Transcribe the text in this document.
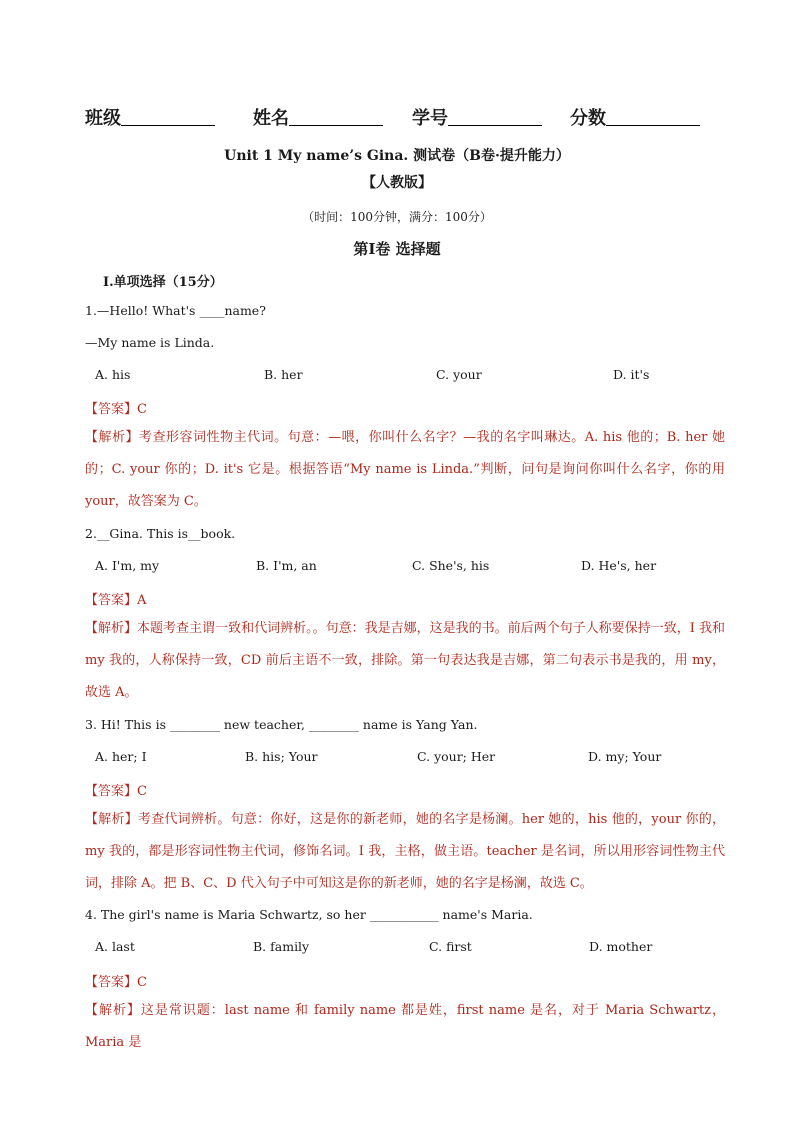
班级	姓名	学号	分数
Unit 1 My name’s Gina. 测试卷（B卷·提升能力）
【人教版】
（时间：100分钟，满分：100分）
第Ⅰ卷 选择题
Ⅰ.单项选择（15分）
1.—Hello! What's ____name?
—My name is Linda.
A. his	B. her	C. your	D. it's
【答案】C
【解析】考查形容词性物主代词。句意：—喂，你叫什么名字？—我的名字叫琳达。A. his 他的；B. her 她的；C. your 你的；D. it's 它是。根据答语“My name is Linda.”判断，问句是询问你叫什么名字，你的用 your，故答案为 C。
2.__Gina. This is__book.
A. I'm, my	B. I'm, an	C. She's, his	D. He's, her
【答案】A
【解析】本题考查主谓一致和代词辨析。。句意：我是吉娜，这是我的书。前后两个句子人称要保持一致，I 我和 my 我的，人称保持一致，CD 前后主语不一致，排除。第一句表达我是吉娜，第二句表示书是我的，用 my，故选 A。
3. Hi! This is ________ new teacher, ________ name is Yang Yan.
A. her; I	B. his; Your	C. your; Her	D. my; Your
【答案】C
【解析】考查代词辨析。句意：你好，这是你的新老师，她的名字是杨澜。her 她的，his 他的，your 你的，my 我的，都是形容词性物主代词，修饰名词。I 我，主格，做主语。teacher 是名词，所以用形容词性物主代词，排除 A。把 B、C、D 代入句子中可知这是你的新老师，她的名字是杨澜，故选 C。
4. The girl's name is Maria Schwartz, so her ___________ name's Maria.
A. last	B. family	C. first	D. mother
【答案】C
【解析】这是常识题：last name 和 family name 都是姓，first name 是名，对于 Maria Schwartz，Maria 是
